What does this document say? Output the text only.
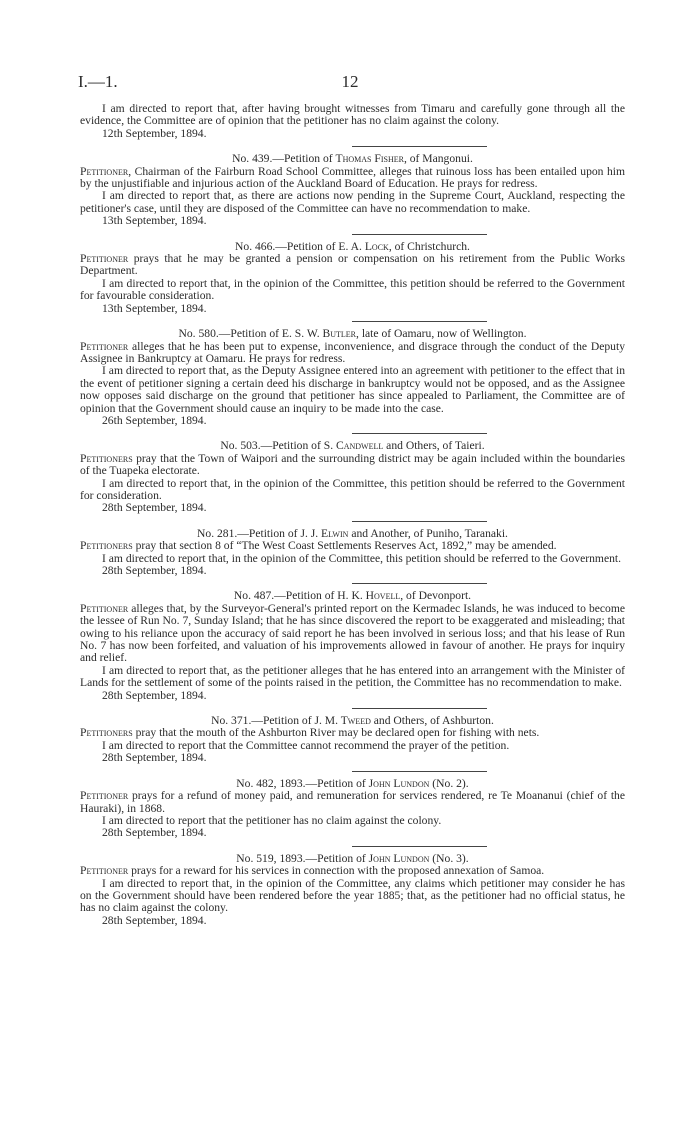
I.—1.	12

I am directed to report that, after having brought witnesses from Timaru and carefully gone through all the evidence, the Committee are of opinion that the petitioner has no claim against the colony.

12th September, 1894.

No. 439.—Petition of Thomas Fisher, of Mangonui.

Petitioner, Chairman of the Fairburn Road School Committee, alleges that ruinous loss has been entailed upon him by the unjustifiable and injurious action of the Auckland Board of Education. He prays for redress.

I am directed to report that, as there are actions now pending in the Supreme Court, Auckland, respecting the petitioner's case, until they are disposed of the Committee can have no recommendation to make.

13th September, 1894.

No. 466.—Petition of E. A. Lock, of Christchurch.

Petitioner prays that he may be granted a pension or compensation on his retirement from the Public Works Department.

I am directed to report that, in the opinion of the Committee, this petition should be referred to the Government for favourable consideration.

13th September, 1894.

No. 580.—Petition of E. S. W. Butler, late of Oamaru, now of Wellington.

Petitioner alleges that he has been put to expense, inconvenience, and disgrace through the conduct of the Deputy Assignee in Bankruptcy at Oamaru. He prays for redress.

I am directed to report that, as the Deputy Assignee entered into an agreement with petitioner to the effect that in the event of petitioner signing a certain deed his discharge in bankruptcy would not be opposed, and as the Assignee now opposes said discharge on the ground that petitioner has since appealed to Parliament, the Committee are of opinion that the Government should cause an inquiry to be made into the case.

26th September, 1894.

No. 503.—Petition of S. Candwell and Others, of Taieri.

Petitioners pray that the Town of Waipori and the surrounding district may be again included within the boundaries of the Tuapeka electorate.

I am directed to report that, in the opinion of the Committee, this petition should be referred to the Government for consideration.

28th September, 1894.

No. 281.—Petition of J. J. Elwin and Another, of Puniho, Taranaki.

Petitioners pray that section 8 of “The West Coast Settlements Reserves Act, 1892,” may be amended.

I am directed to report that, in the opinion of the Committee, this petition should be referred to the Government.

28th September, 1894.

No. 487.—Petition of H. K. Hovell, of Devonport.

Petitioner alleges that, by the Surveyor-General's printed report on the Kermadec Islands, he was induced to become the lessee of Run No. 7, Sunday Island; that he has since discovered the report to be exaggerated and misleading; that owing to his reliance upon the accuracy of said report he has been involved in serious loss; and that his lease of Run No. 7 has now been forfeited, and valuation of his improvements allowed in favour of another. He prays for inquiry and relief.

I am directed to report that, as the petitioner alleges that he has entered into an arrangement with the Minister of Lands for the settlement of some of the points raised in the petition, the Committee has no recommendation to make.

28th September, 1894.

No. 371.—Petition of J. M. Tweed and Others, of Ashburton.

Petitioners pray that the mouth of the Ashburton River may be declared open for fishing with nets.

I am directed to report that the Committee cannot recommend the prayer of the petition.

28th September, 1894.

No. 482, 1893.—Petition of John Lundon (No. 2).

Petitioner prays for a refund of money paid, and remuneration for services rendered, re Te Moananui (chief of the Hauraki), in 1868.

I am directed to report that the petitioner has no claim against the colony.

28th September, 1894.

No. 519, 1893.—Petition of John Lundon (No. 3).

Petitioner prays for a reward for his services in connection with the proposed annexation of Samoa.

I am directed to report that, in the opinion of the Committee, any claims which petitioner may consider he has on the Government should have been rendered before the year 1885; that, as the petitioner had no official status, he has no claim against the colony.

28th September, 1894.
